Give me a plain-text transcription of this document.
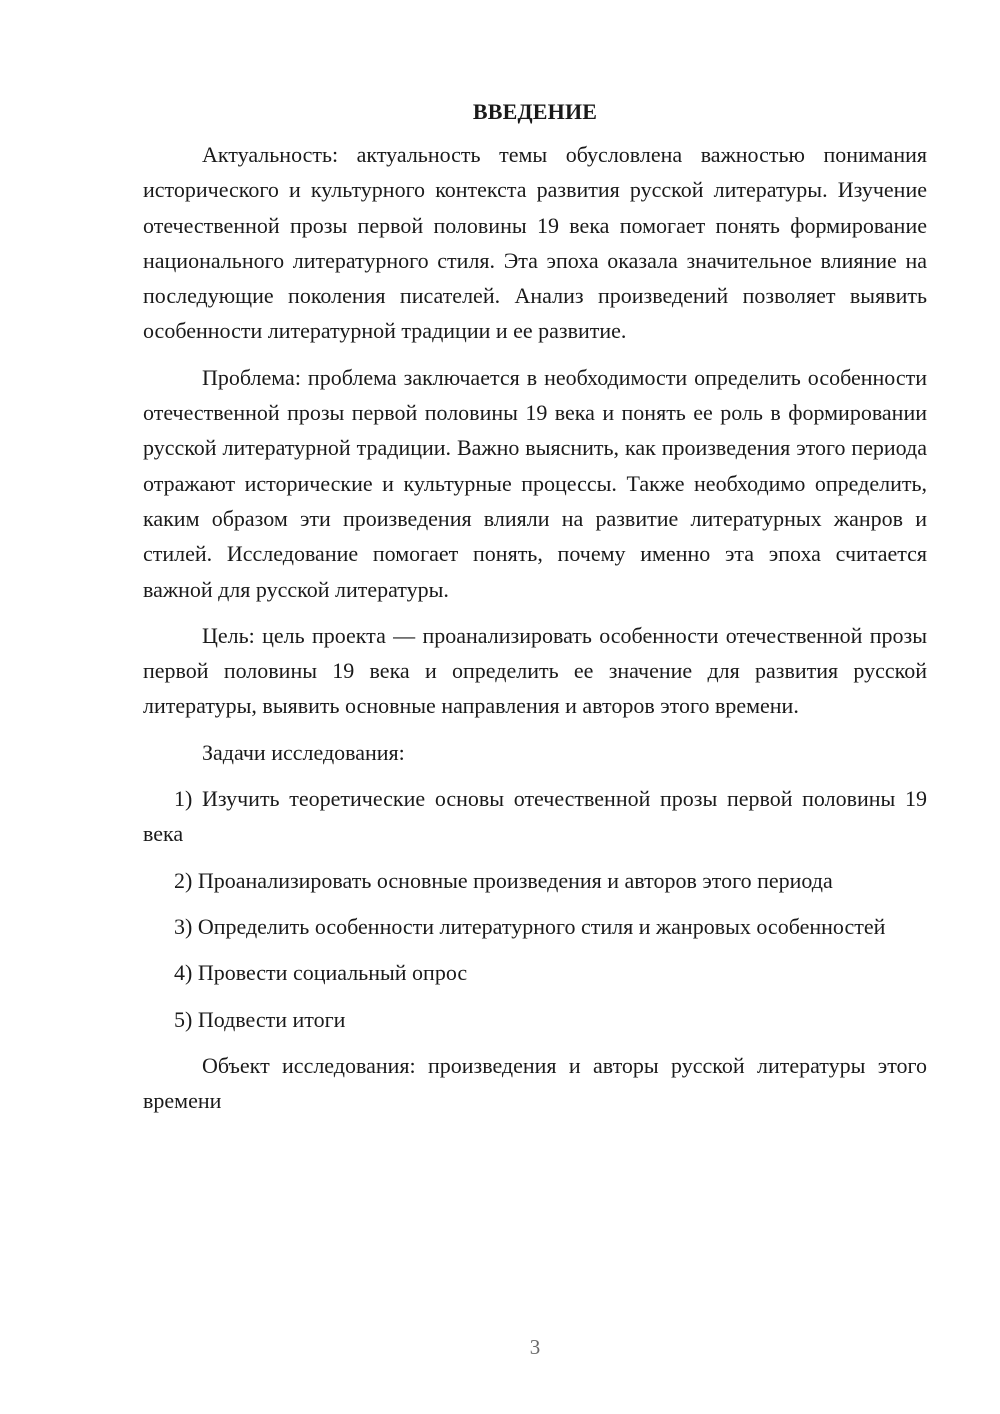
ВВЕДЕНИЕ

Актуальность: актуальность темы обусловлена важностью понимания исторического и культурного контекста развития русской литературы. Изучение отечественной прозы первой половины 19 века помогает понять формирование национального литературного стиля. Эта эпоха оказала значительное влияние на последующие поколения писателей. Анализ произведений позволяет выявить особенности литературной традиции и ее развитие.

Проблема: проблема заключается в необходимости определить особенности отечественной прозы первой половины 19 века и понять ее роль в формировании русской литературной традиции. Важно выяснить, как произведения этого периода отражают исторические и культурные процессы. Также необходимо определить, каким образом эти произведения влияли на развитие литературных жанров и стилей. Исследование помогает понять, почему именно эта эпоха считается важной для русской литературы.

Цель: цель проекта — проанализировать особенности отечественной прозы первой половины 19 века и определить ее значение для развития русской литературы, выявить основные направления и авторов этого времени.

Задачи исследования:

1) Изучить теоретические основы отечественной прозы первой половины 19 века

2) Проанализировать основные произведения и авторов этого периода

3) Определить особенности литературного стиля и жанровых особенностей

4) Провести социальный опрос

5) Подвести итоги

Объект исследования: произведения и авторы русской литературы этого времени

3
